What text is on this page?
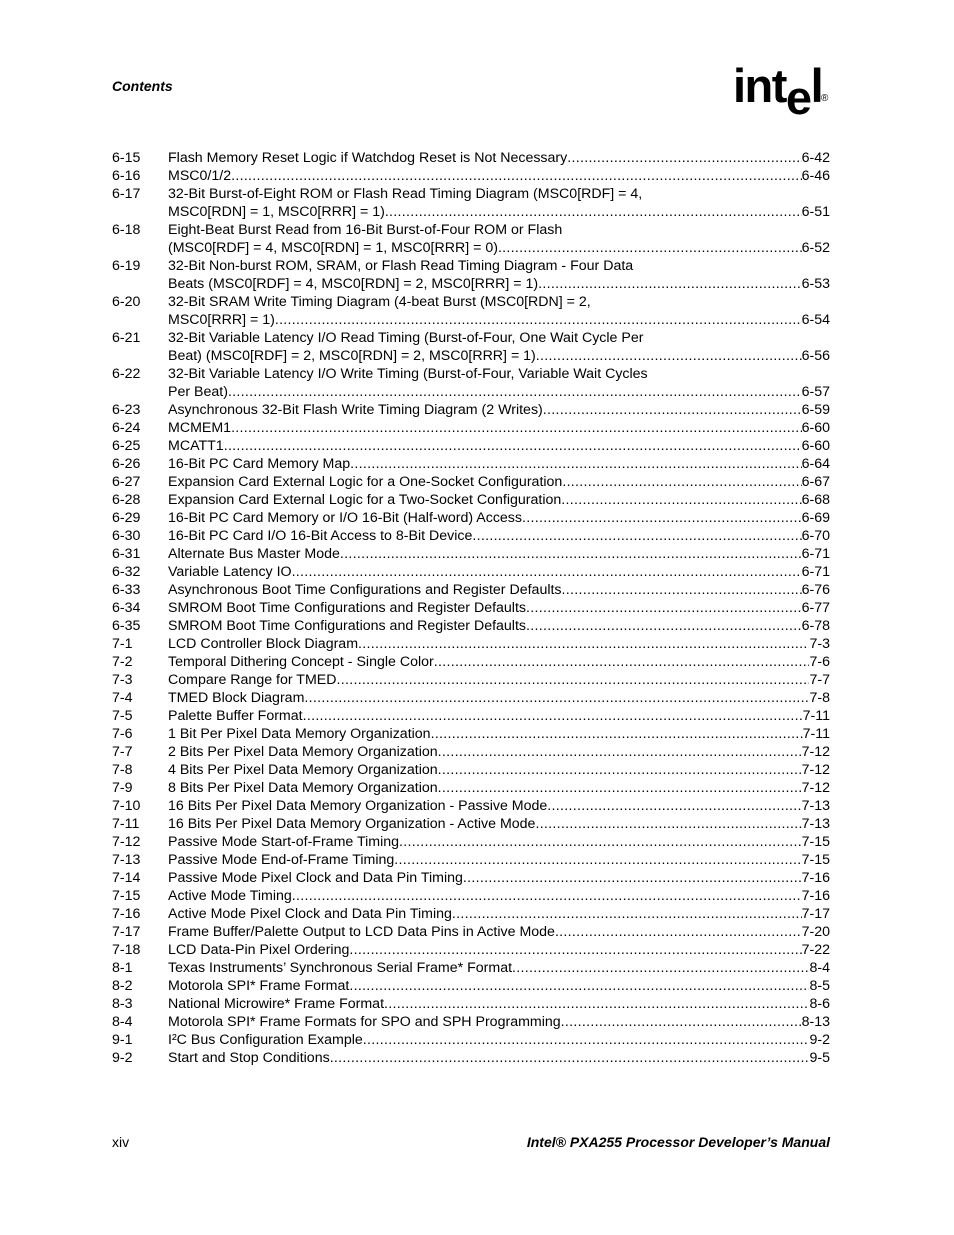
Contents	intel
®
6-15	Flash Memory Reset Logic if Watchdog Reset is Not Necessary .....	6-42
6-16	MSC0/1/2 .....	6-46
6-17	32-Bit Burst-of-Eight ROM or Flash Read Timing Diagram (MSC0[RDF] = 4,
MSC0[RDN] = 1, MSC0[RRR] = 1) .....	6-51
6-18	Eight-Beat Burst Read from 16-Bit Burst-of-Four ROM or Flash
(MSC0[RDF] = 4, MSC0[RDN] = 1, MSC0[RRR] = 0) .....	6-52
6-19	32-Bit Non-burst ROM, SRAM, or Flash Read Timing Diagram - Four Data
Beats (MSC0[RDF] = 4, MSC0[RDN] = 2, MSC0[RRR] = 1) .....	6-53
6-20	32-Bit SRAM Write Timing Diagram (4-beat Burst (MSC0[RDN] = 2,
MSC0[RRR] = 1) .....	6-54
6-21	32-Bit Variable Latency I/O Read Timing (Burst-of-Four, One Wait Cycle Per
Beat) (MSC0[RDF] = 2, MSC0[RDN] = 2, MSC0[RRR] = 1) .....	6-56
6-22	32-Bit Variable Latency I/O Write Timing (Burst-of-Four, Variable Wait Cycles
Per Beat) .....	6-57
6-23	Asynchronous 32-Bit Flash Write Timing Diagram (2 Writes) .....	6-59
6-24	MCMEM1 .....	6-60
6-25	MCATT1 .....	6-60
6-26	16-Bit PC Card Memory Map .....	6-64
6-27	Expansion Card External Logic for a One-Socket Configuration .....	6-67
6-28	Expansion Card External Logic for a Two-Socket Configuration .....	6-68
6-29	16-Bit PC Card Memory or I/O 16-Bit (Half-word) Access .....	6-69
6-30	16-Bit PC Card I/O 16-Bit Access to 8-Bit Device .....	6-70
6-31	Alternate Bus Master Mode .....	6-71
6-32	Variable Latency IO .....	6-71
6-33	Asynchronous Boot Time Configurations and Register Defaults .....	6-76
6-34	SMROM Boot Time Configurations and Register Defaults .....	6-77
6-35	SMROM Boot Time Configurations and Register Defaults .....	6-78
7-1	LCD Controller Block Diagram .....	7-3
7-2	Temporal Dithering Concept - Single Color .....	7-6
7-3	Compare Range for TMED .....	7-7
7-4	TMED Block Diagram .....	7-8
7-5	Palette Buffer Format .....	7-11
7-6	1 Bit Per Pixel Data Memory Organization .....	7-11
7-7	2 Bits Per Pixel Data Memory Organization .....	7-12
7-8	4 Bits Per Pixel Data Memory Organization .....	7-12
7-9	8 Bits Per Pixel Data Memory Organization .....	7-12
7-10	16 Bits Per Pixel Data Memory Organization - Passive Mode .....	7-13
7-11	16 Bits Per Pixel Data Memory Organization - Active Mode .....	7-13
7-12	Passive Mode Start-of-Frame Timing .....	7-15
7-13	Passive Mode End-of-Frame Timing .....	7-15
7-14	Passive Mode Pixel Clock and Data Pin Timing .....	7-16
7-15	Active Mode Timing .....	7-16
7-16	Active Mode Pixel Clock and Data Pin Timing .....	7-17
7-17	Frame Buffer/Palette Output to LCD Data Pins in Active Mode .....	7-20
7-18	LCD Data-Pin Pixel Ordering .....	7-22
8-1	Texas Instruments’ Synchronous Serial Frame* Format .....	8-4
8-2	Motorola SPI* Frame Format .....	8-5
8-3	National Microwire* Frame Format .....	8-6
8-4	Motorola SPI* Frame Formats for SPO and SPH Programming .....	8-13
9-1	I²C Bus Configuration Example .....	9-2
9-2	Start and Stop Conditions .....	9-5
xiv	Intel® PXA255 Processor Developer’s Manual
